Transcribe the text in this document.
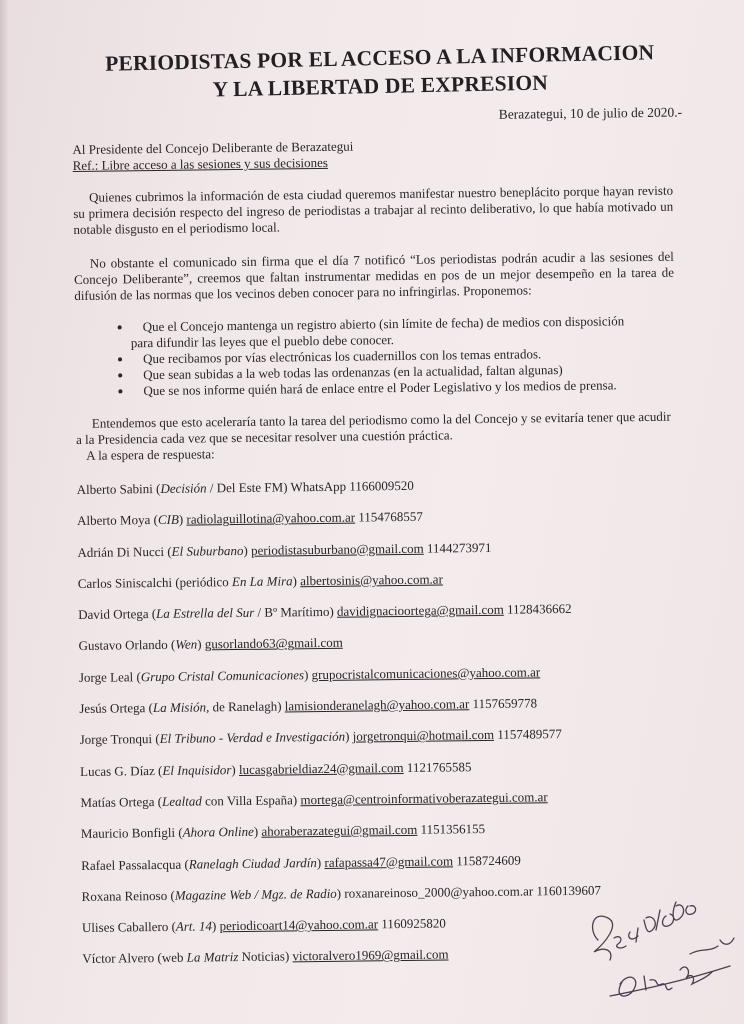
PERIODISTAS POR EL ACCESO A LA INFORMACION
Y LA LIBERTAD DE EXPRESION
Berazategui, 10 de julio de 2020.-
Al Presidente del Concejo Deliberante de Berazategui
Ref.: Libre acceso a las sesiones y sus decisiones

Quienes cubrimos la información de esta ciudad queremos manifestar nuestro beneplácito porque hayan revisto su primera decisión respecto del ingreso de periodistas a trabajar al recinto deliberativo, lo que había motivado un notable disgusto en el periodismo local.

No obstante el comunicado sin firma que el día 7 notificó “Los periodistas podrán acudir a las sesiones del Concejo Deliberante”, creemos que faltan instrumentar medidas en pos de un mejor desempeño en la tarea de difusión de las normas que los vecinos deben conocer para no infringirlas. Proponemos:

• Que el Concejo mantenga un registro abierto (sin límite de fecha) de medios con disposición
para difundir las leyes que el pueblo debe conocer.
• Que recibamos por vías electrónicas los cuadernillos con los temas entrados.
• Que sean subidas a la web todas las ordenanzas (en la actualidad, faltan algunas)
• Que se nos informe quién hará de enlace entre el Poder Legislativo y los medios de prensa.

Entendemos que esto aceleraría tanto la tarea del periodismo como la del Concejo y se evitaría tener que acudir a la Presidencia cada vez que se necesitar resolver una cuestión práctica.

A la espera de respuesta:

Alberto Sabini (Decisión / Del Este FM) WhatsApp 1166009520
Alberto Moya (CIB) radiolaguillotina@yahoo.com.ar 1154768557
Adrián Di Nucci (El Suburbano) periodistasuburbano@gmail.com 1144273971
Carlos Siniscalchi (periódico En La Mira) albertosinis@yahoo.com.ar
David Ortega (La Estrella del Sur / Bº Marítimo) davidignacioortega@gmail.com 1128436662
Gustavo Orlando (Wen) gusorlando63@gmail.com
Jorge Leal (Grupo Cristal Comunicaciones) grupocristalcomunicaciones@yahoo.com.ar
Jesús Ortega (La Misión, de Ranelagh) lamisionderanelagh@yahoo.com.ar 1157659778
Jorge Tronqui (El Tribuno - Verdad e Investigación) jorgetronqui@hotmail.com 1157489577
Lucas G. Díaz (El Inquisidor) lucasgabrieldiaz24@gmail.com 1121765585
Matías Ortega (Lealtad con Villa España) mortega@centroinformativoberazategui.com.ar
Mauricio Bonfigli (Ahora Online) ahoraberazategui@gmail.com 1151356155
Rafael Passalacqua (Ranelagh Ciudad Jardín) rafapassa47@gmail.com 1158724609
Roxana Reinoso (Magazine Web / Mgz. de Radio) roxanareinoso_2000@yahoo.com.ar 1160139607
Ulises Caballero (Art. 14) periodicoart14@yahoo.com.ar 1160925820
Víctor Alvero (web La Matriz Noticias) victoralvero1969@gmail.com
